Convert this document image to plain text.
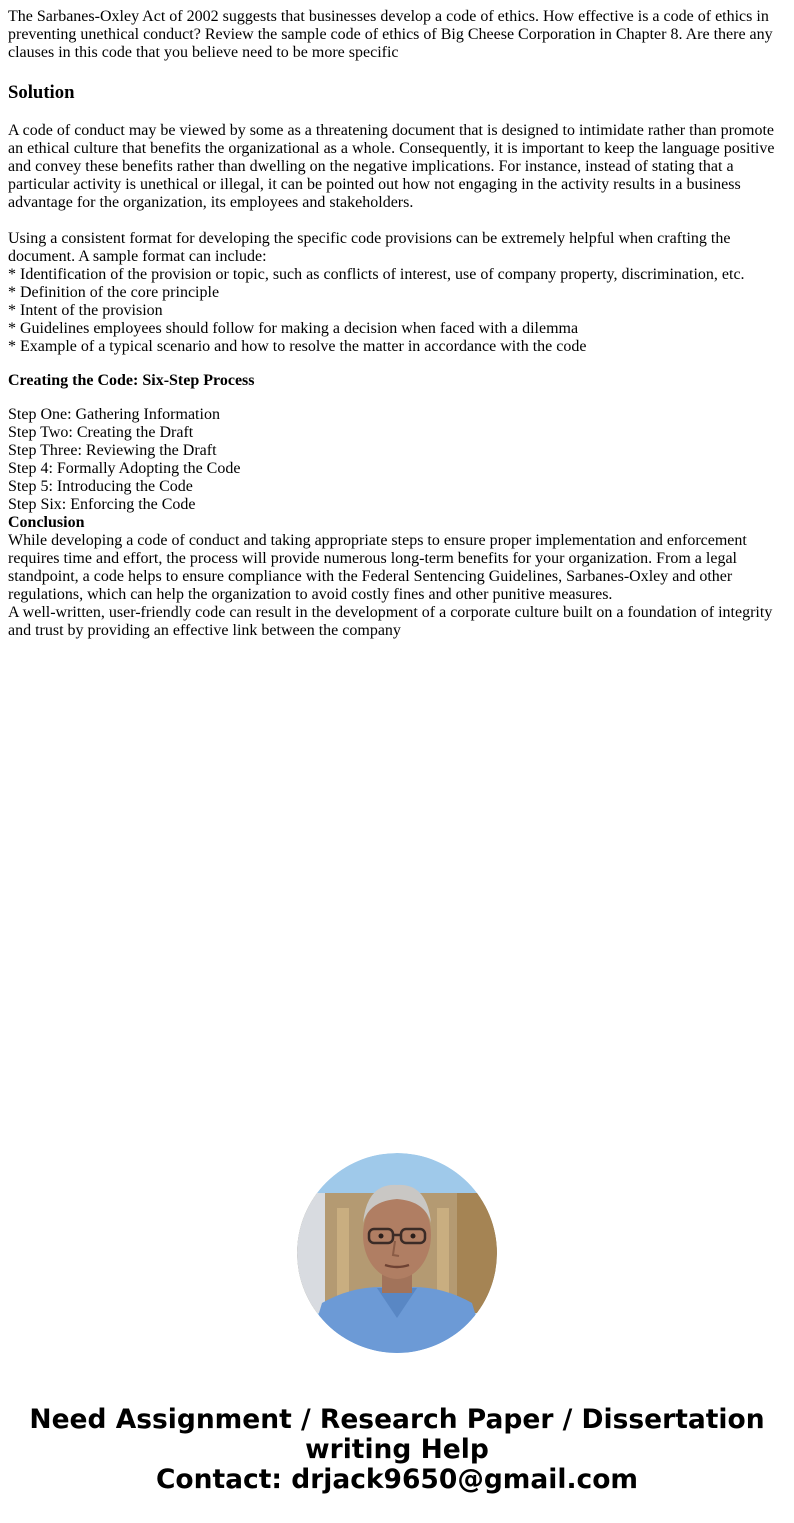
The Sarbanes-Oxley Act of 2002 suggests that businesses develop a code of ethics. How effective is a code of ethics in preventing unethical conduct? Review the sample code of ethics of Big Cheese Corporation in Chapter 8. Are there any clauses in this code that you believe need to be more specific

Solution

A code of conduct may be viewed by some as a threatening document that is designed to intimidate rather than promote an ethical culture that benefits the organizational as a whole. Consequently, it is important to keep the language positive and convey these benefits rather than dwelling on the negative implications. For instance, instead of stating that a particular activity is unethical or illegal, it can be pointed out how not engaging in the activity results in a business advantage for the organization, its employees and stakeholders.

Using a consistent format for developing the specific code provisions can be extremely helpful when crafting the document. A sample format can include:
* Identification of the provision or topic, such as conflicts of interest, use of company property, discrimination, etc.
* Definition of the core principle
* Intent of the provision
* Guidelines employees should follow for making a decision when faced with a dilemma
* Example of a typical scenario and how to resolve the matter in accordance with the code

Creating the Code: Six-Step Process

Step One: Gathering Information
Step Two: Creating the Draft
Step Three: Reviewing the Draft
Step 4: Formally Adopting the Code
Step 5: Introducing the Code
Step Six: Enforcing the Code
Conclusion
While developing a code of conduct and taking appropriate steps to ensure proper implementation and enforcement requires time and effort, the process will provide numerous long-term benefits for your organization. From a legal standpoint, a code helps to ensure compliance with the Federal Sentencing Guidelines, Sarbanes-Oxley and other regulations, which can help the organization to avoid costly fines and other punitive measures.
A well-written, user-friendly code can result in the development of a corporate culture built on a foundation of integrity and trust by providing an effective link between the company
Need Assignment / Research Paper / Dissertation
writing Help
Contact: drjack9650@gmail.com
